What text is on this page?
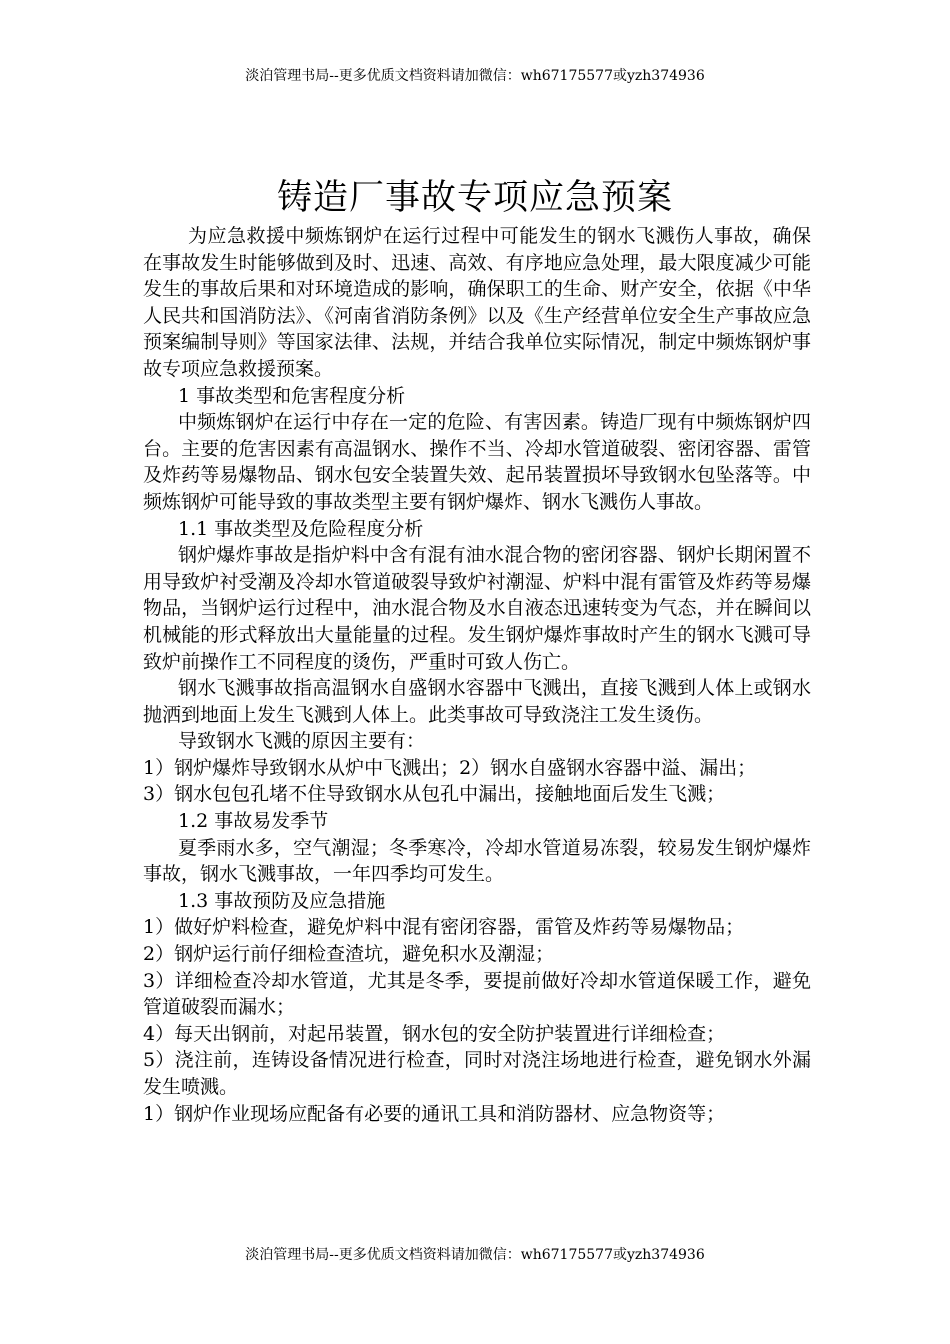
淡泊管理书局--更多优质文档资料请加微信：wh67175577或yzh374936
铸造厂事故专项应急预案

为应急救援中频炼钢炉在运行过程中可能发生的钢水飞溅伤人事故，确保在事故发生时能够做到及时、迅速、高效、有序地应急处理，最大限度减少可能发生的事故后果和对环境造成的影响，确保职工的生命、财产安全，依据《中华人民共和国消防法》、《河南省消防条例》以及《生产经营单位安全生产事故应急预案编制导则》等国家法律、法规，并结合我单位实际情况，制定中频炼钢炉事故专项应急救援预案。

1 事故类型和危害程度分析

中频炼钢炉在运行中存在一定的危险、有害因素。铸造厂现有中频炼钢炉四台。主要的危害因素有高温钢水、操作不当、冷却水管道破裂、密闭容器、雷管及炸药等易爆物品、钢水包安全装置失效、起吊装置损坏导致钢水包坠落等。中频炼钢炉可能导致的事故类型主要有钢炉爆炸、钢水飞溅伤人事故。

1.1 事故类型及危险程度分析

钢炉爆炸事故是指炉料中含有混有油水混合物的密闭容器、钢炉长期闲置不用导致炉衬受潮及冷却水管道破裂导致炉衬潮湿、炉料中混有雷管及炸药等易爆物品，当钢炉运行过程中，油水混合物及水自液态迅速转变为气态，并在瞬间以机械能的形式释放出大量能量的过程。发生钢炉爆炸事故时产生的钢水飞溅可导致炉前操作工不同程度的烫伤，严重时可致人伤亡。

钢水飞溅事故指高温钢水自盛钢水容器中飞溅出，直接飞溅到人体上或钢水抛洒到地面上发生飞溅到人体上。此类事故可导致浇注工发生烫伤。

导致钢水飞溅的原因主要有：

1）钢炉爆炸导致钢水从炉中飞溅出；2）钢水自盛钢水容器中溢、漏出；

3）钢水包包孔堵不住导致钢水从包孔中漏出，接触地面后发生飞溅；

1.2 事故易发季节

夏季雨水多，空气潮湿；冬季寒冷，冷却水管道易冻裂，较易发生钢炉爆炸事故，钢水飞溅事故，一年四季均可发生。

1.3 事故预防及应急措施

1）做好炉料检查，避免炉料中混有密闭容器，雷管及炸药等易爆物品；

2）钢炉运行前仔细检查渣坑，避免积水及潮湿；

3）详细检查冷却水管道，尤其是冬季，要提前做好冷却水管道保暖工作，避免管道破裂而漏水；

4）每天出钢前，对起吊装置，钢水包的安全防护装置进行详细检查；

5）浇注前，连铸设备情况进行检查，同时对浇注场地进行检查，避免钢水外漏发生喷溅。

1）钢炉作业现场应配备有必要的通讯工具和消防器材、应急物资等；

淡泊管理书局--更多优质文档资料请加微信：wh67175577或yzh374936
